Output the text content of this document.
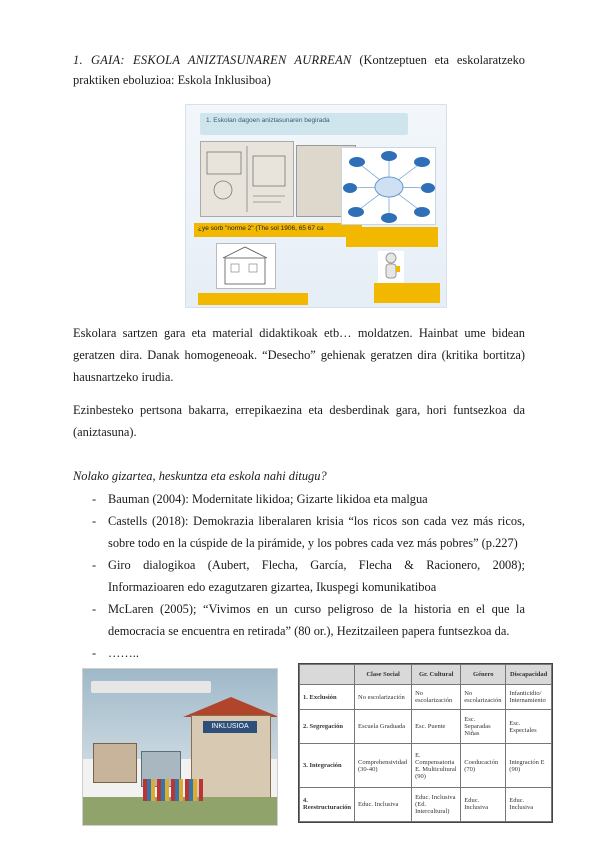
1. GAIA: ESKOLA ANIZTASUNAREN AURREAN (Kontzeptuen eta eskolaratzeko praktiken eboluzioa: Eskola Inklusiboa)
1. Eskolan dagoen aniztasunaren begirada
¿ye sorb "norme 2" (The sol 1906, 65 67 ca

Eskolara sartzen gara eta material didaktikoak etb… moldatzen. Hainbat ume bidean geratzen dira. Danak homogeneoak. “Desecho” gehienak geratzen dira (kritika bortitza) hausnartzeko irudia.

Ezinbesteko pertsona bakarra, errepikaezina eta desberdinak gara, hori funtsezkoa da (aniztasuna).

Nolako gizartea, heskuntza eta eskola nahi ditugu?
- Bauman (2004): Modernitate likidoa; Gizarte likidoa eta malgua
- Castells (2018): Demokrazia liberalaren krisia “los ricos son cada vez más ricos, sobre todo en la cúspide de la pirámide, y los pobres cada vez más pobres” (p.227)
- Giro dialogikoa (Aubert, Flecha, García, Flecha & Racionero, 2008); Informazioaren edo ezagutzaren gizartea, Ikuspegi komunikatiboa
- McLaren (2005); “Vivimos en un curso peligroso de la historia en el que la democracia se encuentra en retirada” (80 or.), Hezitzaileen papera funtsezkoa da.
- ……..
INKLUSIOA
	Clase Social	Gr. Cultural	Género	Discapacidad
1. Exclusión	No escolarización	No escolarización	No escolarización	Infanticidio/ Internamiento
2. Segregación	Escuela Graduada	Esc. Puente	Esc. Separadas Niñas	Esc. Especiales
3. Integración	Comprehensividad (30-40)	E. Compensatoria E. Multicultural (90)	Coeducación (70)	Integración E (90)
4. Reestructuración	Educ. Inclusiva	Educ. Inclusiva (Ed. Intercultural)	Educ. Inclusiva	Educ. Inclusiva
